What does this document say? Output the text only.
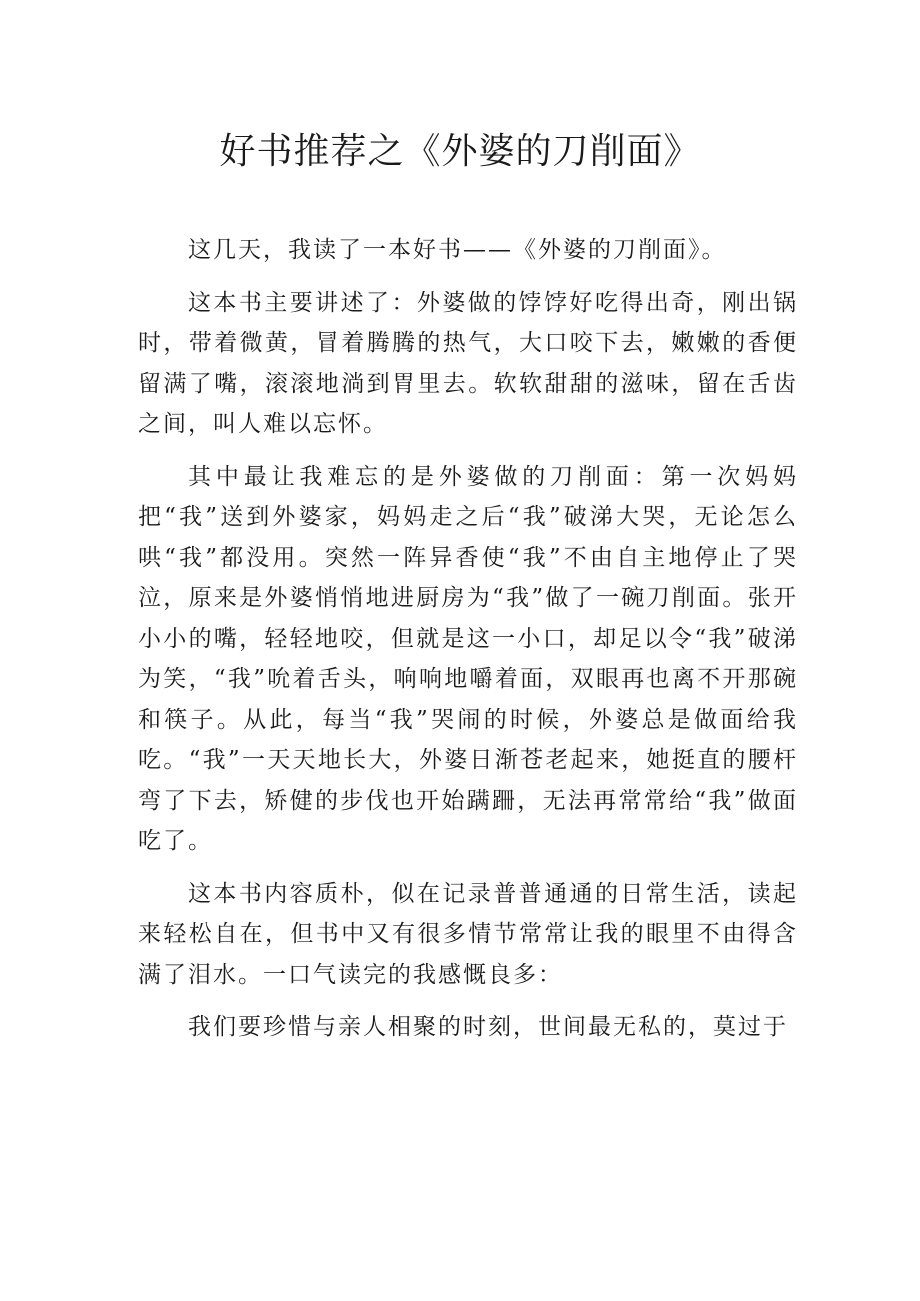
好书推荐之《外婆的刀削面》

这几天，我读了一本好书——《外婆的刀削面》。

这本书主要讲述了：外婆做的饽饽好吃得出奇，刚出锅时，带着微黄，冒着腾腾的热气，大口咬下去，嫩嫩的香便留满了嘴，滚滚地淌到胃里去。软软甜甜的滋味，留在舌齿之间，叫人难以忘怀。

其中最让我难忘的是外婆做的刀削面：第一次妈妈把“我”送到外婆家，妈妈走之后“我”破涕大哭，无论怎么哄“我”都没用。突然一阵异香使“我”不由自主地停止了哭泣，原来是外婆悄悄地进厨房为“我”做了一碗刀削面。张开小小的嘴，轻轻地咬，但就是这一小口，却足以令“我”破涕为笑，“我”吮着舌头，响响地嚼着面，双眼再也离不开那碗和筷子。从此，每当“我”哭闹的时候，外婆总是做面给我吃。“我”一天天地长大，外婆日渐苍老起来，她挺直的腰杆弯了下去，矫健的步伐也开始蹒跚，无法再常常给“我”做面吃了。

这本书内容质朴，似在记录普普通通的日常生活，读起来轻松自在，但书中又有很多情节常常让我的眼里不由得含满了泪水。一口气读完的我感慨良多：

我们要珍惜与亲人相聚的时刻，世间最无私的，莫过于
